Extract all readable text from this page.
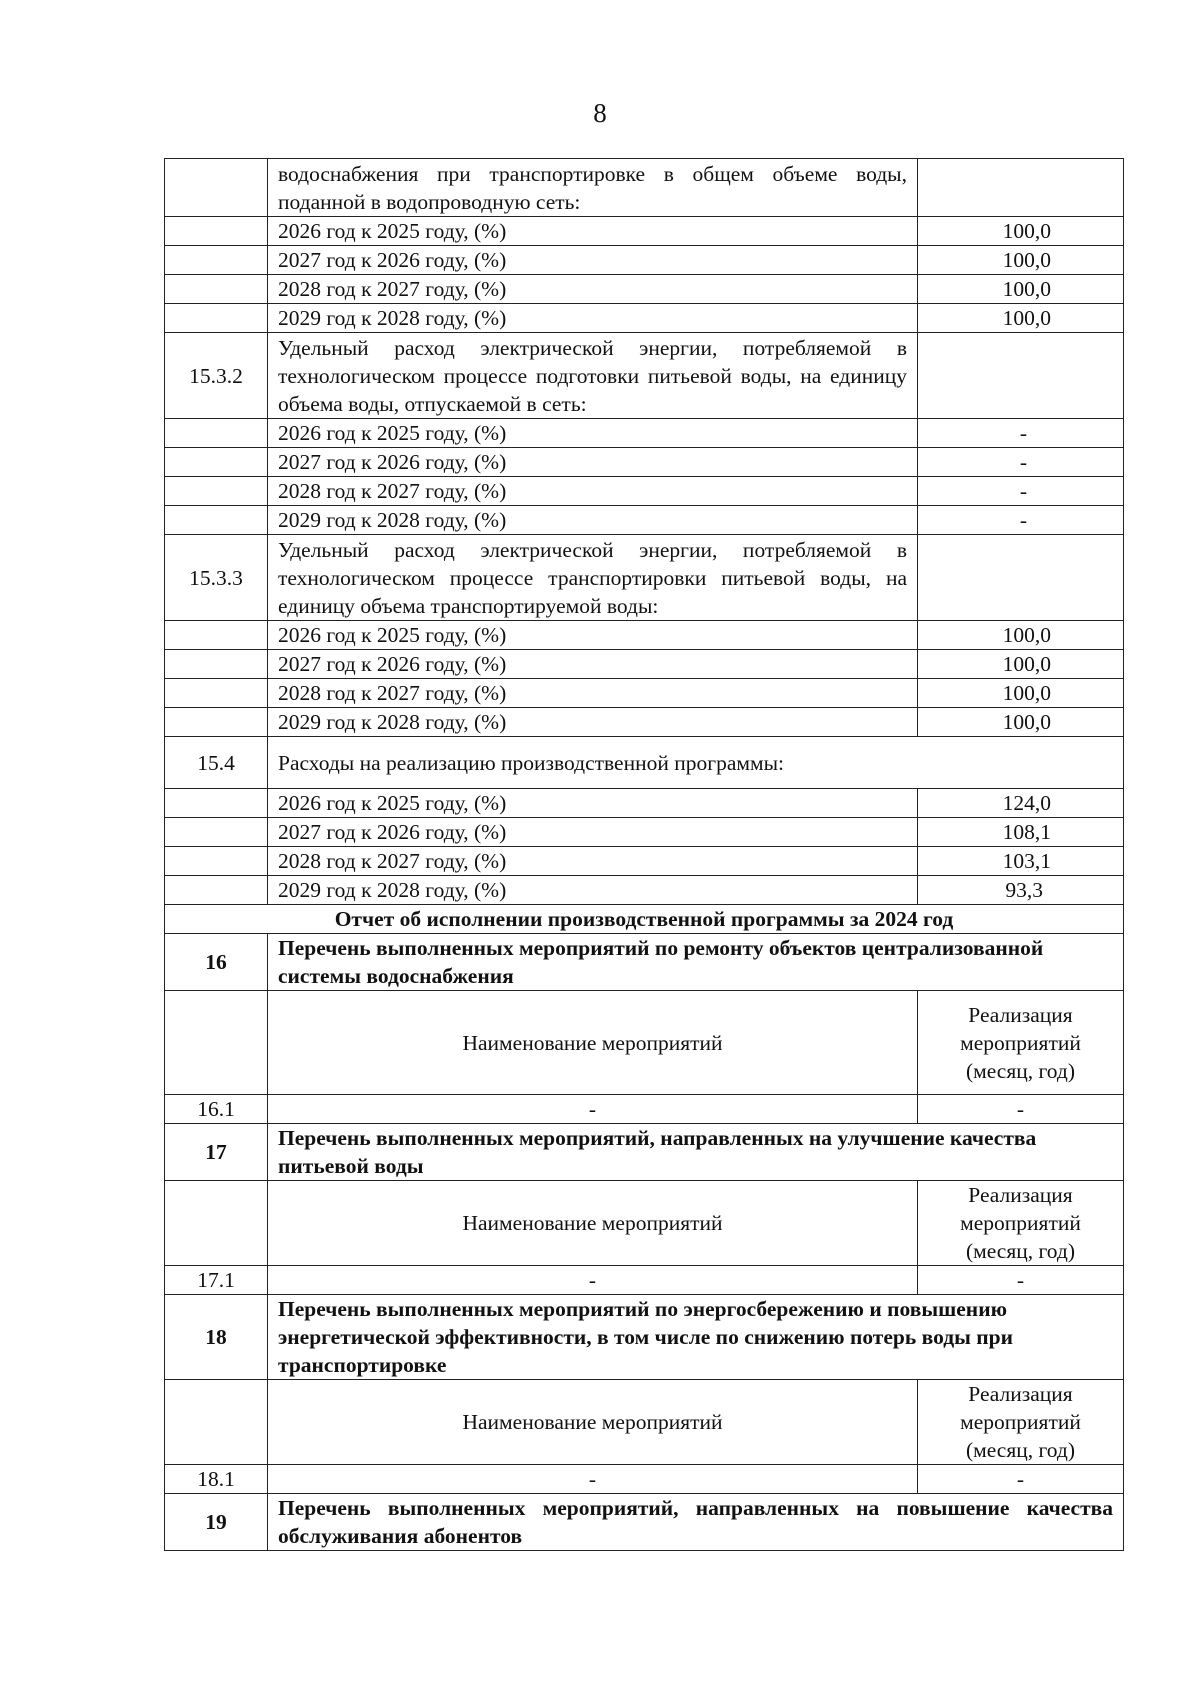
8
	водоснабжения при транспортировке в общем объеме воды, поданной в водопроводную сеть:	
	2026 год к 2025 году, (%)	100,0
	2027 год к 2026 году, (%)	100,0
	2028 год к 2027 году, (%)	100,0
	2029 год к 2028 году, (%)	100,0
15.3.2	Удельный расход электрической энергии, потребляемой в технологическом процессе подготовки питьевой воды, на единицу объема воды, отпускаемой в сеть:	
	2026 год к 2025 году, (%)	-
	2027 год к 2026 году, (%)	-
	2028 год к 2027 году, (%)	-
	2029 год к 2028 году, (%)	-
15.3.3	Удельный расход электрической энергии, потребляемой в технологическом процессе транспортировки питьевой воды, на единицу объема транспортируемой воды:	
	2026 год к 2025 году, (%)	100,0
	2027 год к 2026 году, (%)	100,0
	2028 год к 2027 году, (%)	100,0
	2029 год к 2028 году, (%)	100,0
15.4	Расходы на реализацию производственной программы:	
	2026 год к 2025 году, (%)	124,0
	2027 год к 2026 году, (%)	108,1
	2028 год к 2027 году, (%)	103,1
	2029 год к 2028 году, (%)	93,3
Отчет об исполнении производственной программы за 2024 год		
16	Перечень выполненных мероприятий по ремонту объектов централизованной системы водоснабжения	
	Наименование мероприятий	Реализация мероприятий (месяц, год)
16.1	-	-
17	Перечень выполненных мероприятий, направленных на улучшение качества питьевой воды	
	Наименование мероприятий	Реализация мероприятий (месяц, год)
17.1	-	-
18	Перечень выполненных мероприятий по энергосбережению и повышению энергетической эффективности, в том числе по снижению потерь воды при транспортировке	
	Наименование мероприятий	Реализация мероприятий (месяц, год)
18.1	-	-
19	Перечень выполненных мероприятий, направленных на повышение качества обслуживания абонентов	
